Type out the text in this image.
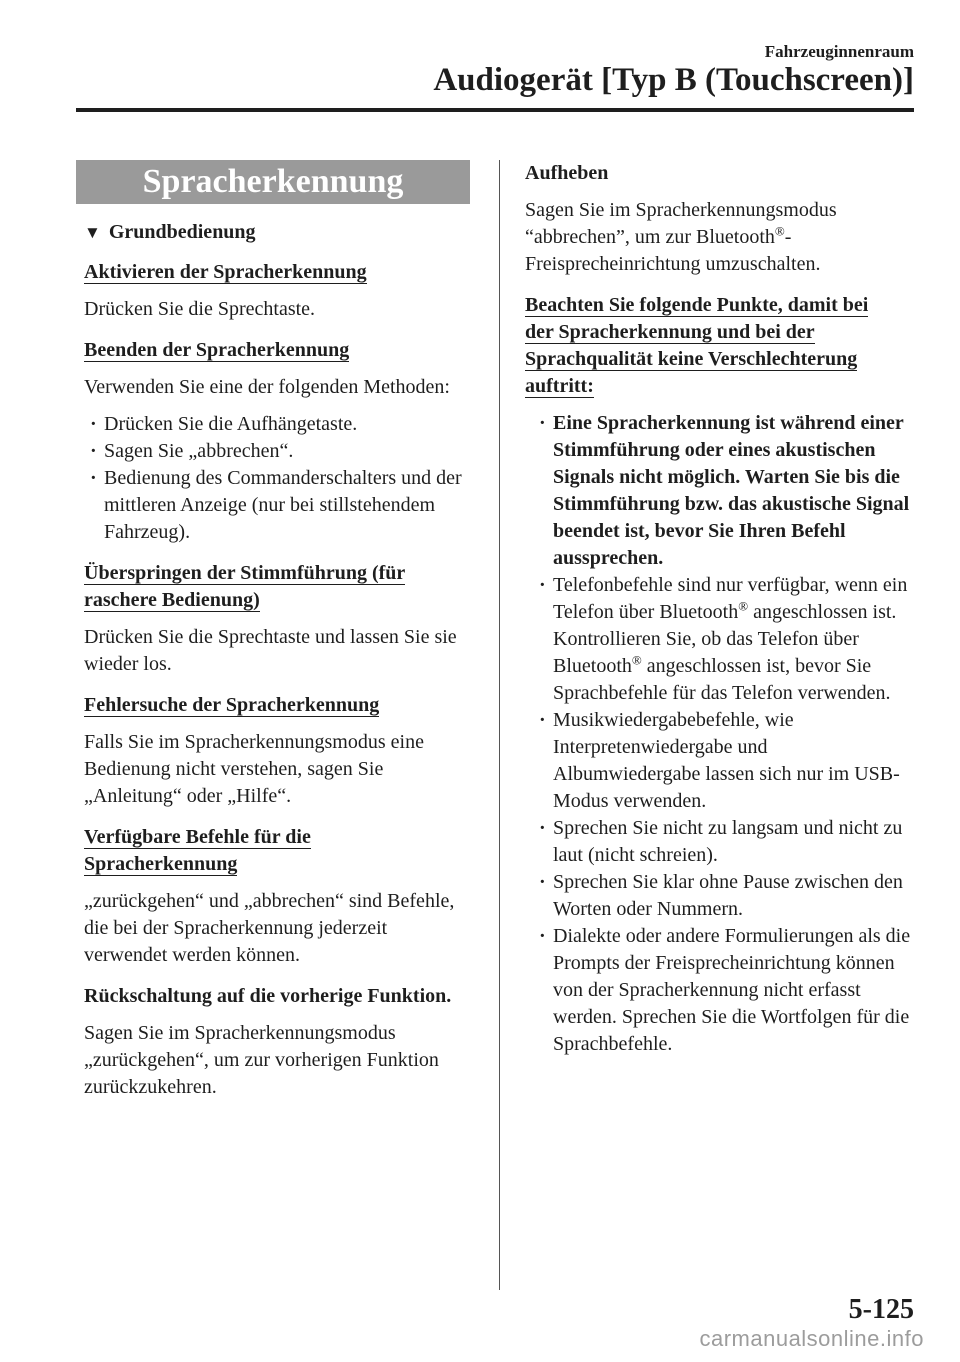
Fahrzeuginnenraum
Audiogerät [Typ B (Touchscreen)]
Spracherkennung
▼ Grundbedienung
Aktivieren der Spracherkennung
Drücken Sie die Sprechtaste.
Beenden der Spracherkennung
Verwenden Sie eine der folgenden Methoden:
· Drücken Sie die Aufhängetaste.
· Sagen Sie „abbrechen“.
· Bedienung des Commanderschalters und der mittleren Anzeige (nur bei stillstehendem Fahrzeug).
Überspringen der Stimmführung (für
raschere Bedienung)
Drücken Sie die Sprechtaste und lassen Sie sie wieder los.
Fehlersuche der Spracherkennung
Falls Sie im Spracherkennungsmodus eine Bedienung nicht verstehen, sagen Sie „Anleitung“ oder „Hilfe“.
Verfügbare Befehle für die
Spracherkennung
„zurückgehen“ und „abbrechen“ sind Befehle, die bei der Spracherkennung jederzeit verwendet werden können.
Rückschaltung auf die vorherige Funktion.
Sagen Sie im Spracherkennungsmodus „zurückgehen“, um zur vorherigen Funktion zurückzukehren.
Aufheben
Sagen Sie im Spracherkennungsmodus “abbrechen”, um zur Bluetooth®-Freisprecheinrichtung umzuschalten.
Beachten Sie folgende Punkte, damit bei
der Spracherkennung und bei der
Sprachqualität keine Verschlechterung
auftritt:
· Eine Spracherkennung ist während einer Stimmführung oder eines akustischen Signals nicht möglich. Warten Sie bis die Stimmführung bzw. das akustische Signal beendet ist, bevor Sie Ihren Befehl aussprechen.
· Telefonbefehle sind nur verfügbar, wenn ein Telefon über Bluetooth® angeschlossen ist. Kontrollieren Sie, ob das Telefon über Bluetooth® angeschlossen ist, bevor Sie Sprachbefehle für das Telefon verwenden.
· Musikwiedergabebefehle, wie Interpretenwiedergabe und Albumwiedergabe lassen sich nur im USB-Modus verwenden.
· Sprechen Sie nicht zu langsam und nicht zu laut (nicht schreien).
· Sprechen Sie klar ohne Pause zwischen den Worten oder Nummern.
· Dialekte oder andere Formulierungen als die Prompts der Freisprecheinrichtung können von der Spracherkennung nicht erfasst werden. Sprechen Sie die Wortfolgen für die Sprachbefehle.
5-125
carmanualsonline.info
